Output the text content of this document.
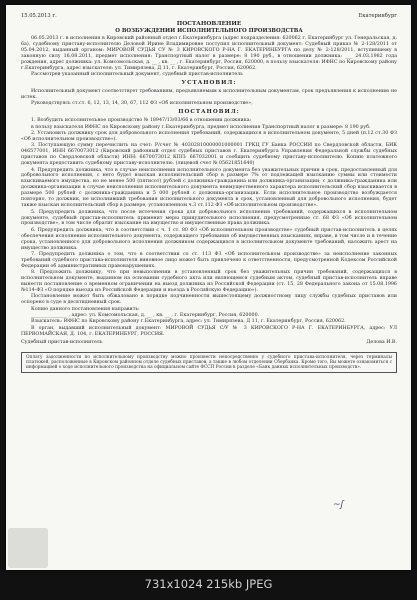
15.05.2013 г.	Екатеринбург
ПОСТАНОВЛЕНИЕ
О ВОЗБУЖДЕНИИ ИСПОЛНИТЕЛЬНОГО ПРОИЗВОДСТВА

06.05.2013 г. в исполнения в Кировский районный отдел г.Екатеринбурга (адрес подразделения: 620062 г. Екатеринбург ул. Генеральская, д. 6а), судебному приставу-исполнителю Деловой Ирине Владимировне поступил исполнительный документ: Судебный приказ № 2-128/2011 от 05.04.2012, выданный органом: МИРОВОЙ СУДЬЯ СУ № 3 КИРОВСКОГО Р-НА Г. ЕКАТЕРИНБУРГА по делу № 2-128/2011, вступившему в законную силу 16.08.2011, предмет исполнения: Транспортный налог в размере: 8 190 руб., в отношении должника: ___ 24.03.1982 года рождения, адрес должника: ул. Комсомольская, д. __ , кв. __ , г. Екатеринбург, Россия, 620000, в пользу взыскателя: ИФНС по Кировскому району г.Екатеринбурга, адрес взыскателя: ул. Тимирязева, Д 11, г. Екатеринбург, Россия, 620062.

Рассмотрев указанный исполнительный документ, судебный пристав-исполнитель

УСТАНОВИЛ:

Исполнительный документ соответствует требованиям, предъявляемым к исполнительным документам, срок предъявления к исполнению не истек.

Руководствуясь ст.ст. 6, 12, 13, 14, 30, 67, 112 ФЗ «Об исполнительном производстве»,

ПОСТАНОВИЛ:

1. Возбудить исполнительное производство № 18947/13/03/66 в отношении должника:

в пользу взыскателя ИФНС по Кировскому району г.Екатеринбурга, предмет исполнения Транспортный налог в размере: 8 190 руб.

2. Установить должнику срок для добровольного исполнения требований, содержащихся в исполнительном документе, 5 дней (п.12 ст.30 ФЗ «Об исполнительном производстве»).

3. Поступающую сумму перечислить на счет: Р/счет № 40302810000001000001 ГРКЦ ГУ Банка РОССИИ по Свердловской области, БИК 046577001, ИНН 6670073012 (Кировский районный отдел судебных приставов г. Екатеринбурга Управления Федеральной службы судебных приставов по Свердловской области) ИНН: 6670073012 КПП: 667032001 и сообщить судебному приставу-исполнителю. Копию платежного документа предоставить судебному приставу-исполнителю. (лицевой счет № 05621851640)

4. Предупредить должника, что в случае неисполнения исполнительного документа без уважительных причин в срок, предоставленный для добровольного исполнения, с него будет взыскан исполнительский сбор в размере 7% от подлежащей взысканию суммы или стоимости взыскиваемого имущества, но не менее 500 (пятисот) рублей с должника-гражданина или должника-организации; с должника-гражданина или должника-организации в случае неисполнения исполнительного документа неимущественного характера исполнительский сбор взыскивается в размере 500 рублей с должника-гражданина и 5 000 рублей с должника-организации. Если исполнительное производство возбуждается повторно, то должник, не исполнивший требования исполнительного документа в срок, установленный для добровольного исполнения, будет также взыскан исполнительский сбор в размере, установленном ч.3 ст.112 ФЗ «Об исполнительном производстве».

5. Предупредить должника, что после истечения срока для добровольного исполнения требований, содержащихся в исполнительном документе, судебный пристав-исполнитель применит меры принудительного исполнения, предусмотренные ст. 68 ФЗ «Об исполнительном производстве», в том числе обратит взыскание на имущество и имущественные права должника.

6. Предупредить должника, что в соответствии с ч. 1 ст. 80 ФЗ «Об исполнительном производстве» судебный пристав-исполнитель в целях обеспечения исполнения исполнительного документа, содержащего требования об имущественных взысканиях, вправе, в том числе и в течение срока, установленного для добровольного исполнения должником содержащихся в исполнительном документе требований, наложить арест на имущество должника.

7. Предупредить должника о том, что в соответствии со ст. 113 ФЗ «Об исполнительном производстве» за неисполнение законных требований судебного пристава-исполнителя виновное лицо может быть привлечено к ответственности, предусмотренной Кодексом Российской Федерации об административных правонарушениях.

8. Предложить должнику, что при невыполнении в установленный срок без уважительных причин требований, содержащихся в исполнительном документе, выданном на основании судебного акта или являющемся судебным актом, судебный пристав-исполнитель вправе вынести постановление о временном ограничении на выезд должника из Российской Федерации (ст. 15, 28 Федерального закона от 15.08.1996 №114-ФЗ «О порядке выезда из Российской Федерации и въезда в Российскую Федерацию»).

Постановление может быть обжаловано в порядке подчиненности вышестоящему должностному лицу службы судебных приставов или оспорено в суде в десятидневный срок.

Копию данного постановления направить:

_______________ , адрес: ул. Комсомольская, д. __ , кв. __ , г. Екатеринбург, Россия, 620000.

Взыскатель: ИФНС по Кировскому району г.Екатеринбурга, адрес: ул. Тимирязева, Д 11, г. Екатеринбург, Россия, 620062.

В орган, выдавший исполнительный документ: МИРОВОЙ СУДЬЯ С/У № 3 КИРОВСКОГО Р-НА Г. ЕКАТЕРИНБУРГА, адрес: УЛ ПЕРВОМАЙСКАЯ, Д. 104, г. ЕКАТЕРИНБУРГ, РОССИЯ.

Судебный пристав-исполнитель	Делова И.В.
Оплату задолженности по исполнительному производству можно произвести непосредственно у судебного пристава-исполнителя, через терминалы платежей, расположенные в Кировском районном отделе судебных приставов, а также в любом отделении Сбербанка. Кроме того, Вы можете ознакомиться с информацией о ходе исполнительного производства на официальном сайте ФССП России в разделе «Банк данных исполнительных производств».
~ʃ
731x1024 215kb JPEG
